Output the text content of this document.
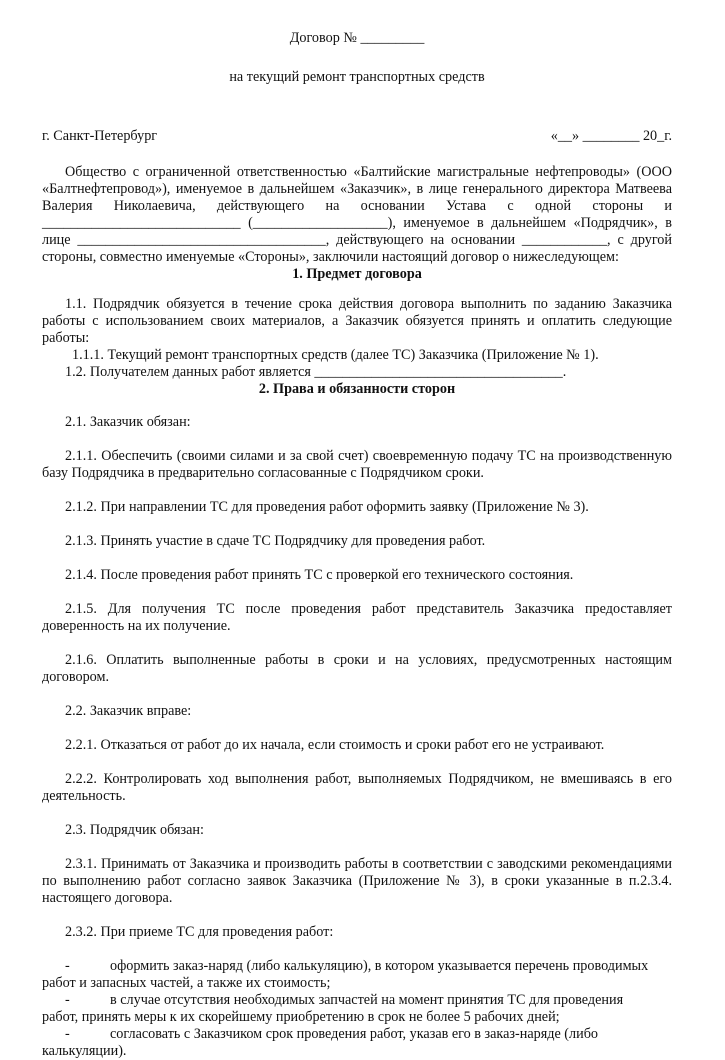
Договор № _________

на текущий ремонт транспортных средств

г. Санкт-Петербург	«__» ________ 20_г.

Общество с ограниченной ответственностью «Балтийские магистральные нефтепроводы» (ООО «Балтнефтепровод»), именуемое в дальнейшем «Заказчик», в лице генерального директора Матвеева Валерия Николаевича, действующего на основании Устава с одной стороны и ____________________________ (___________________), именуемое в дальнейшем «Подрядчик», в лице ___________________________________, действующего на основании ____________, с другой стороны, совместно именуемые «Стороны», заключили настоящий договор о нижеследующем:

1. Предмет договора

1.1. Подрядчик обязуется в течение срока действия договора выполнить по заданию Заказчика работы с использованием своих материалов, а Заказчик обязуется принять и оплатить следующие работы:

1.1.1. Текущий ремонт транспортных средств (далее ТС) Заказчика (Приложение № 1).

1.2. Получателем данных работ является ___________________________________.

2. Права и обязанности сторон

2.1. Заказчик обязан:

2.1.1. Обеспечить (своими силами и за свой счет) своевременную подачу ТС на производственную базу Подрядчика в предварительно согласованные с Подрядчиком сроки.

2.1.2. При направлении ТС для проведения работ оформить заявку (Приложение № 3).

2.1.3. Принять участие в сдаче ТС Подрядчику для проведения работ.

2.1.4. После проведения работ принять ТС с проверкой его технического состояния.

2.1.5. Для получения ТС после проведения работ представитель Заказчика предоставляет доверенность на их получение.

2.1.6. Оплатить выполненные работы в сроки и на условиях, предусмотренных настоящим договором.

2.2. Заказчик вправе:

2.2.1. Отказаться от работ до их начала, если стоимость и сроки работ его не устраивают.

2.2.2. Контролировать ход выполнения работ, выполняемых Подрядчиком, не вмешиваясь в его деятельность.

2.3. Подрядчик обязан:

2.3.1. Принимать от Заказчика и производить работы в соответствии с заводскими рекомендациями по выполнению работ согласно заявок Заказчика (Приложение № 3), в сроки указанные в п.2.3.4. настоящего договора.

2.3.2. При приеме ТС для проведения работ:

-	оформить заказ-наряд (либо калькуляцию), в котором указывается перечень проводимых

работ и запасных частей, а также их стоимость;

-	в случае отсутствия необходимых запчастей на момент принятия ТС для проведения

работ, принять меры к их скорейшему приобретению в срок не более 5 рабочих дней;

-	согласовать с Заказчиком срок проведения работ, указав его в заказ-наряде (либо

калькуляции).
